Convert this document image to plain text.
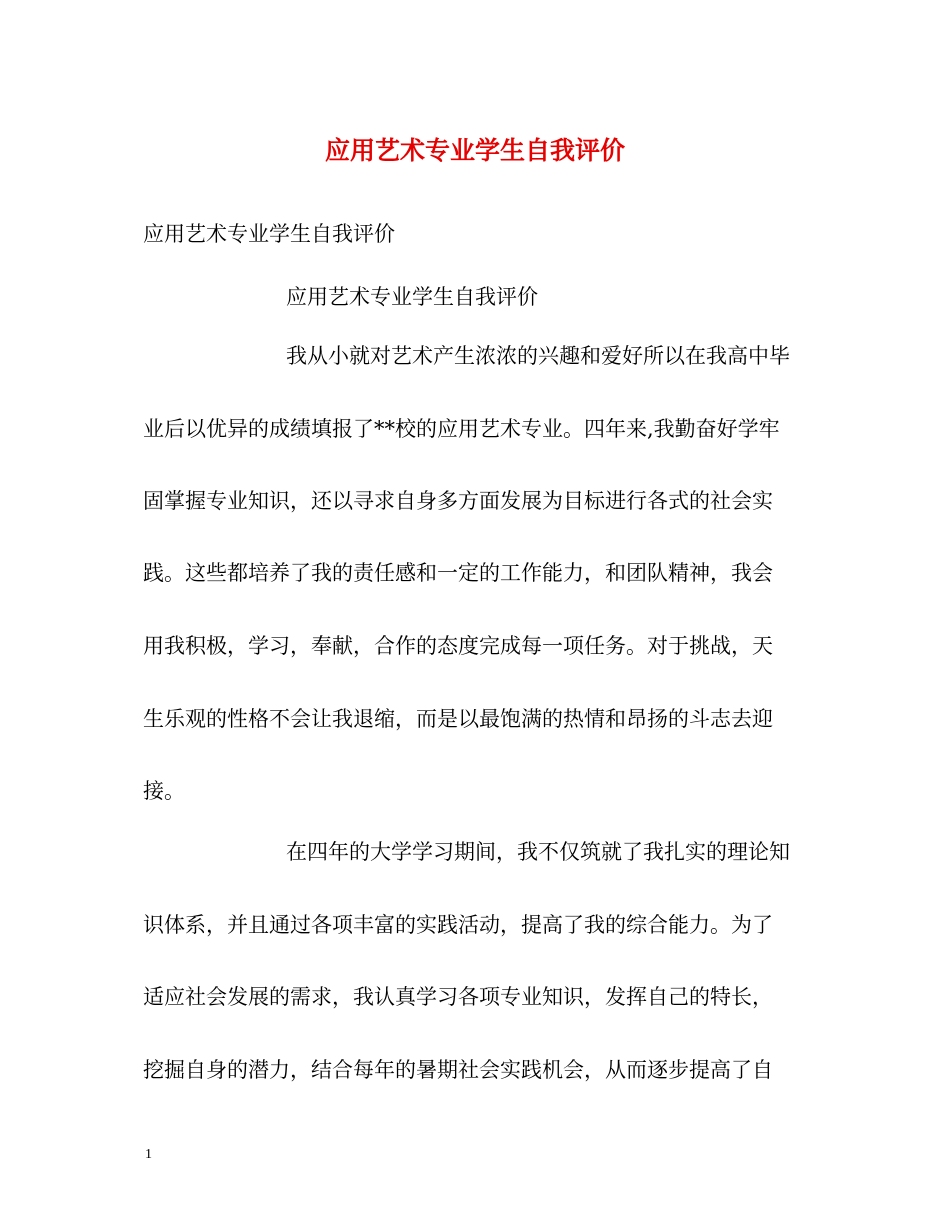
应用艺术专业学生自我评价
应用艺术专业学生自我评价
应用艺术专业学生自我评价
我从小就对艺术产生浓浓的兴趣和爱好所以在我高中毕
业后以优异的成绩填报了**校的应用艺术专业。四年来,我勤奋好学牢
固掌握专业知识，还以寻求自身多方面发展为目标进行各式的社会实
践。这些都培养了我的责任感和一定的工作能力，和团队精神，我会
用我积极，学习，奉献，合作的态度完成每一项任务。对于挑战，天
生乐观的性格不会让我退缩，而是以最饱满的热情和昂扬的斗志去迎
接。
在四年的大学学习期间，我不仅筑就了我扎实的理论知
识体系，并且通过各项丰富的实践活动，提高了我的综合能力。为了
适应社会发展的需求，我认真学习各项专业知识，发挥自己的特长，
挖掘自身的潜力，结合每年的暑期社会实践机会，从而逐步提高了自
1
